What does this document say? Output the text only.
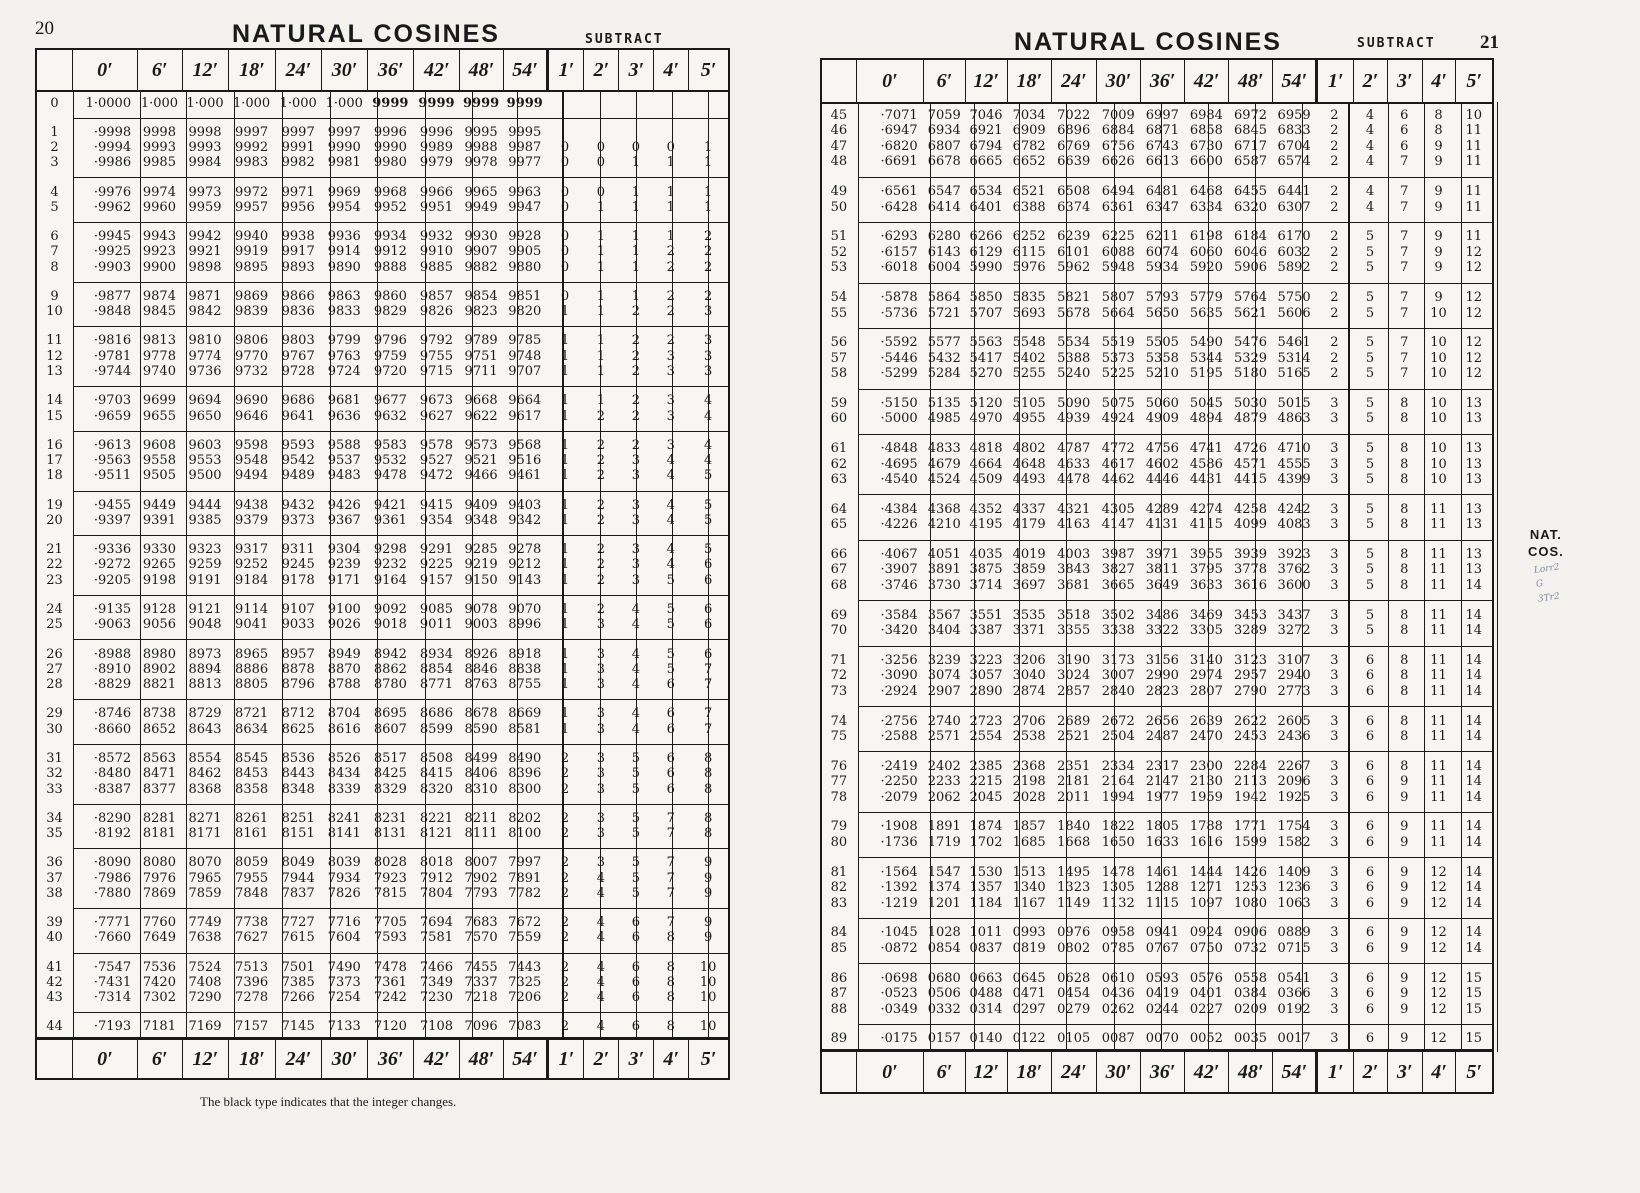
20	NATURAL COSINES	SUBTRACT
0′	6′	12′	18′	24′	30′	36′	42′ 48′ 54′	1′ 2′ 3′ 4′	5′
0′	6′	12′	18′	24′	30′	36′	42′ 48′ 54′	1′ 2′ 3′ 4′	5′
0	1·0000 1·000 1·000 1·000 1·000 1·000 9999 9999 9999 9999
1	·9998 9998 9998	9997	9997	9997	9996	9996 9995 9995
2	·9994 9993 9993	9992	9991	9990	9990	9989 9988 9987	0	0	0	0	1
3	·9986 9985 9984	9983	9982	9981	9980	9979 9978 9977	0	0	1	1	1
4	·9976 9974 9973	9972	9971	9969	9968	9966 9965 9963	0	0	1	1	1
5	·9962 9960 9959	9957	9956	9954	9952	9951 9949 9947	0	1	1	1	1
6	·9945 9943 9942	9940	9938	9936	9934	9932 9930 9928	0	1	1	1	2
7	·9925 9923 9921	9919	9917	9914	9912	9910 9907 9905	0	1	1	2	2
8	·9903 9900 9898	9895	9893	9890	9888	9885 9882 9880	0	1	1	2	2
9	·9877 9874 9871	9869	9866	9863	9860	9857 9854 9851	0	1	1	2	2
10	·9848 9845 9842	9839	9836	9833	9829	9826 9823 9820	1	1	2	2	3
11	·9816 9813 9810	9806	9803	9799	9796	9792 9789 9785	1	1	2	2	3
12	·9781 9778 9774	9770	9767	9763	9759	9755 9751 9748	1	1	2	3	3
13	·9744 9740 9736	9732	9728	9724	9720	9715 9711 9707	1	1	2	3	3
14	·9703 9699 9694	9690	9686	9681	9677	9673 9668 9664	1	1	2	3	4
15	·9659 9655 9650	9646	9641	9636	9632	9627 9622 9617	1	2	2	3	4
16	·9613 9608 9603	9598	9593	9588	9583	9578 9573 9568	1	2	2	3	4
17	·9563 9558 9553	9548	9542	9537	9532	9527 9521 9516	1	2	3	4	4
18	·9511 9505 9500	9494	9489	9483	9478	9472 9466 9461	1	2	3	4	5
19	·9455 9449 9444	9438	9432	9426	9421	9415 9409 9403	1	2	3	4	5
20	·9397 9391 9385	9379	9373	9367	9361	9354 9348 9342	1	2	3	4	5
21	·9336 9330 9323	9317	9311	9304	9298	9291 9285 9278	1	2	3	4	5
22	·9272 9265 9259	9252	9245	9239	9232	9225 9219 9212	1	2	3	4	6
23	·9205 9198 9191	9184	9178	9171	9164	9157 9150 9143	1	2	3	5	6
24	·9135 9128 9121	9114	9107	9100	9092	9085 9078 9070	1	2	4	5	6
25	·9063 9056 9048	9041	9033	9026	9018	9011 9003 8996	1	3	4	5	6
26	·8988 8980 8973	8965	8957	8949	8942	8934 8926 8918	1	3	4	5	6
27	·8910 8902 8894	8886	8878	8870	8862	8854 8846 8838	1	3	4	5	7
28	·8829 8821 8813	8805	8796	8788	8780	8771 8763 8755	1	3	4	6	7
29	·8746 8738 8729	8721	8712	8704	8695	8686 8678 8669	1	3	4	6	7
30	·8660 8652 8643	8634	8625	8616	8607	8599 8590 8581	1	3	4	6	7
31	·8572 8563 8554	8545	8536	8526	8517	8508 8499 8490	2	3	5	6	8
32	·8480 8471 8462	8453	8443	8434	8425	8415 8406 8396	2	3	5	6	8
33	·8387 8377 8368	8358	8348	8339	8329	8320 8310 8300	2	3	5	6	8
34	·8290 8281 8271	8261	8251	8241	8231	8221 8211 8202	2	3	5	7	8
35	·8192 8181 8171	8161	8151	8141	8131	8121 8111 8100	2	3	5	7	8
36	·8090 8080 8070	8059	8049	8039	8028	8018 8007 7997	2	3	5	7	9
37	·7986 7976 7965	7955	7944	7934	7923	7912 7902 7891	2	4	5	7	9
38	·7880 7869 7859	7848	7837	7826	7815	7804 7793 7782	2	4	5	7	9
39	·7771 7760 7749	7738	7727	7716	7705	7694 7683 7672	2	4	6	7	9
40	·7660 7649 7638	7627	7615	7604	7593	7581 7570 7559	2	4	6	8	9
41	·7547 7536 7524	7513	7501	7490	7478	7466 7455 7443	2	4	6	8	10
42	·7431 7420 7408	7396	7385	7373	7361	7349 7337 7325	2	4	6	8	10
43	·7314 7302 7290	7278	7266	7254	7242	7230 7218 7206	2	4	6	8	10
44	·7193 7181 7169	7157	7145	7133	7120	7108 7096 7083	2	4	6	8	10
The black type indicates that the integer changes.
NATURAL COSINES	SUBTRACT 21
0′	6′	12′ 18′ 24′ 30′ 36′ 42′ 48′ 54′	1′ 2′ 3′ 4′ 5′
0′	6′	12′ 18′ 24′ 30′ 36′ 42′ 48′ 54′	1′ 2′ 3′ 4′ 5′
45	·7071 7059 7046 7034 7022 7009 6997 6984 6972 6959	2	4	6	8	10
46	·6947 6934 6921 6909 6896 6884 6871 6858 6845 6833	2	4	6	8	11
47	·6820 6807 6794 6782 6769 6756 6743 6730 6717 6704	2	4	6	9	11
48	·6691 6678 6665 6652 6639 6626 6613 6600 6587 6574	2	4	7	9	11
49	·6561 6547 6534 6521 6508 6494 6481 6468 6455 6441	2	4	7	9	11
50	·6428 6414 6401 6388 6374 6361 6347 6334 6320 6307	2	4	7	9	11
51	·6293 6280 6266 6252 6239 6225 6211 6198 6184 6170	2	5	7	9	11
52	·6157 6143 6129 6115 6101 6088 6074 6060 6046 6032	2	5	7	9	12
53	·6018 6004 5990 5976 5962 5948 5934 5920 5906 5892	2	5	7	9	12
54	·5878 5864 5850 5835 5821 5807 5793 5779 5764 5750	2	5	7	9	12
55	·5736 5721 5707 5693 5678 5664 5650 5635 5621 5606	2	5	7	10	12
56	·5592 5577 5563 5548 5534 5519 5505 5490 5476 5461	2	5	7	10	12
57	·5446 5432 5417 5402 5388 5373 5358 5344 5329 5314	2	5	7	10	12
58	·5299 5284 5270 5255 5240 5225 5210 5195 5180 5165	2	5	7	10	12
59	·5150 5135 5120 5105 5090 5075 5060 5045 5030 5015	3	5	8	10	13
60	·5000 4985 4970 4955 4939 4924 4909 4894 4879 4863	3	5	8	10	13
61	·4848 4833 4818 4802 4787 4772 4756 4741 4726 4710	3	5	8	10	13
62	·4695 4679 4664 4648 4633 4617 4602 4586 4571 4555	3	5	8	10	13
63	·4540 4524 4509 4493 4478 4462 4446 4431 4415 4399	3	5	8	10	13
64	·4384 4368 4352 4337 4321 4305 4289 4274 4258 4242	3	5	8	11	13
65	·4226 4210 4195 4179 4163 4147 4131 4115 4099 4083	3	5	8	11	13
66	·4067 4051 4035 4019 4003 3987 3971 3955 3939 3923	3	5	8	11	13
67	·3907 3891 3875 3859 3843 3827 3811 3795 3778 3762	3	5	8	11	13
68	·3746 3730 3714 3697 3681 3665 3649 3633 3616 3600	3	5	8	11	14
69	·3584 3567 3551 3535 3518 3502 3486 3469 3453 3437	3	5	8	11	14
70	·3420 3404 3387 3371 3355 3338 3322 3305 3289 3272	3	5	8	11	14
71	·3256 3239 3223 3206 3190 3173 3156 3140 3123 3107	3	6	8	11	14
72	·3090 3074 3057 3040 3024 3007 2990 2974 2957 2940	3	6	8	11	14
73	·2924 2907 2890 2874 2857 2840 2823 2807 2790 2773	3	6	8	11	14
74	·2756 2740 2723 2706 2689 2672 2656 2639 2622 2605	3	6	8	11	14
75	·2588 2571 2554 2538 2521 2504 2487 2470 2453 2436	3	6	8	11	14
76	·2419 2402 2385 2368 2351 2334 2317 2300 2284 2267	3	6	8	11	14
77	·2250 2233 2215 2198 2181 2164 2147 2130 2113 2096	3	6	9	11	14
78	·2079 2062 2045 2028 2011 1994 1977 1959 1942 1925	3	6	9	11	14
79	·1908 1891 1874 1857 1840 1822 1805 1788 1771 1754	3	6	9	11	14
80	·1736 1719 1702 1685 1668 1650 1633 1616 1599 1582	3	6	9	11	14
81	·1564 1547 1530 1513 1495 1478 1461 1444 1426 1409	3	6	9	12	14
82	·1392 1374 1357 1340 1323 1305 1288 1271 1253 1236	3	6	9	12	14
83	·1219 1201 1184 1167 1149 1132 1115 1097 1080 1063	3	6	9	12	14
84	·1045 1028 1011 0993 0976 0958 0941 0924 0906 0889	3	6	9	12	14
85	·0872 0854 0837 0819 0802 0785 0767 0750 0732 0715	3	6	9	12	14
86	·0698 0680 0663 0645 0628 0610 0593 0576 0558 0541	3	6	9	12	15
87	·0523 0506 0488 0471 0454 0436 0419 0401 0384 0366	3	6	9	12	15
88	·0349 0332 0314 0297 0279 0262 0244 0227 0209 0192	3	6	9	12	15
89	·0175 0157 0140 0122 0105 0087 0070 0052 0035 0017	3	6	9	12	15
NAT.
COS.
Lorr2
G
3Tr2
